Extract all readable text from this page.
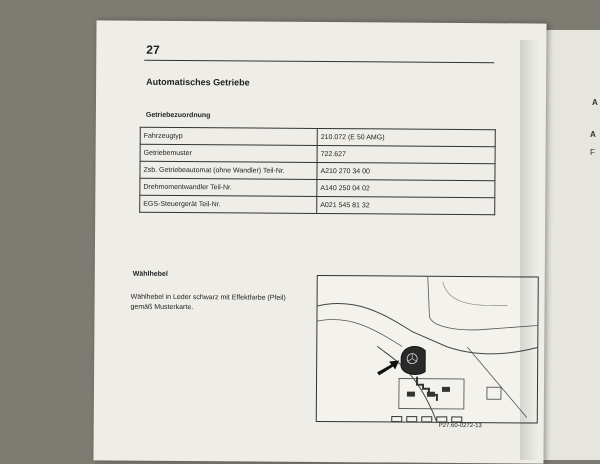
A
A
F
27
Automatisches Getriebe
Getriebezuordnung
Fahrzeugtyp	210.072 (E 50 AMG)
Getriebemuster	722.627
Zsb. Getriebeautomat (ohne Wandler) Teil-Nr.	A210 270 34 00
Drehmomentwandler Teil-Nr.	A140 250 04 02
EGS-Steuergerät Teil-Nr.	A021 545 81 32
Wählhebel
Wählhebel in Leder schwarz mit Effektfarbe (Pfeil) gemäß Musterkarte.
P27.60-0272-13
